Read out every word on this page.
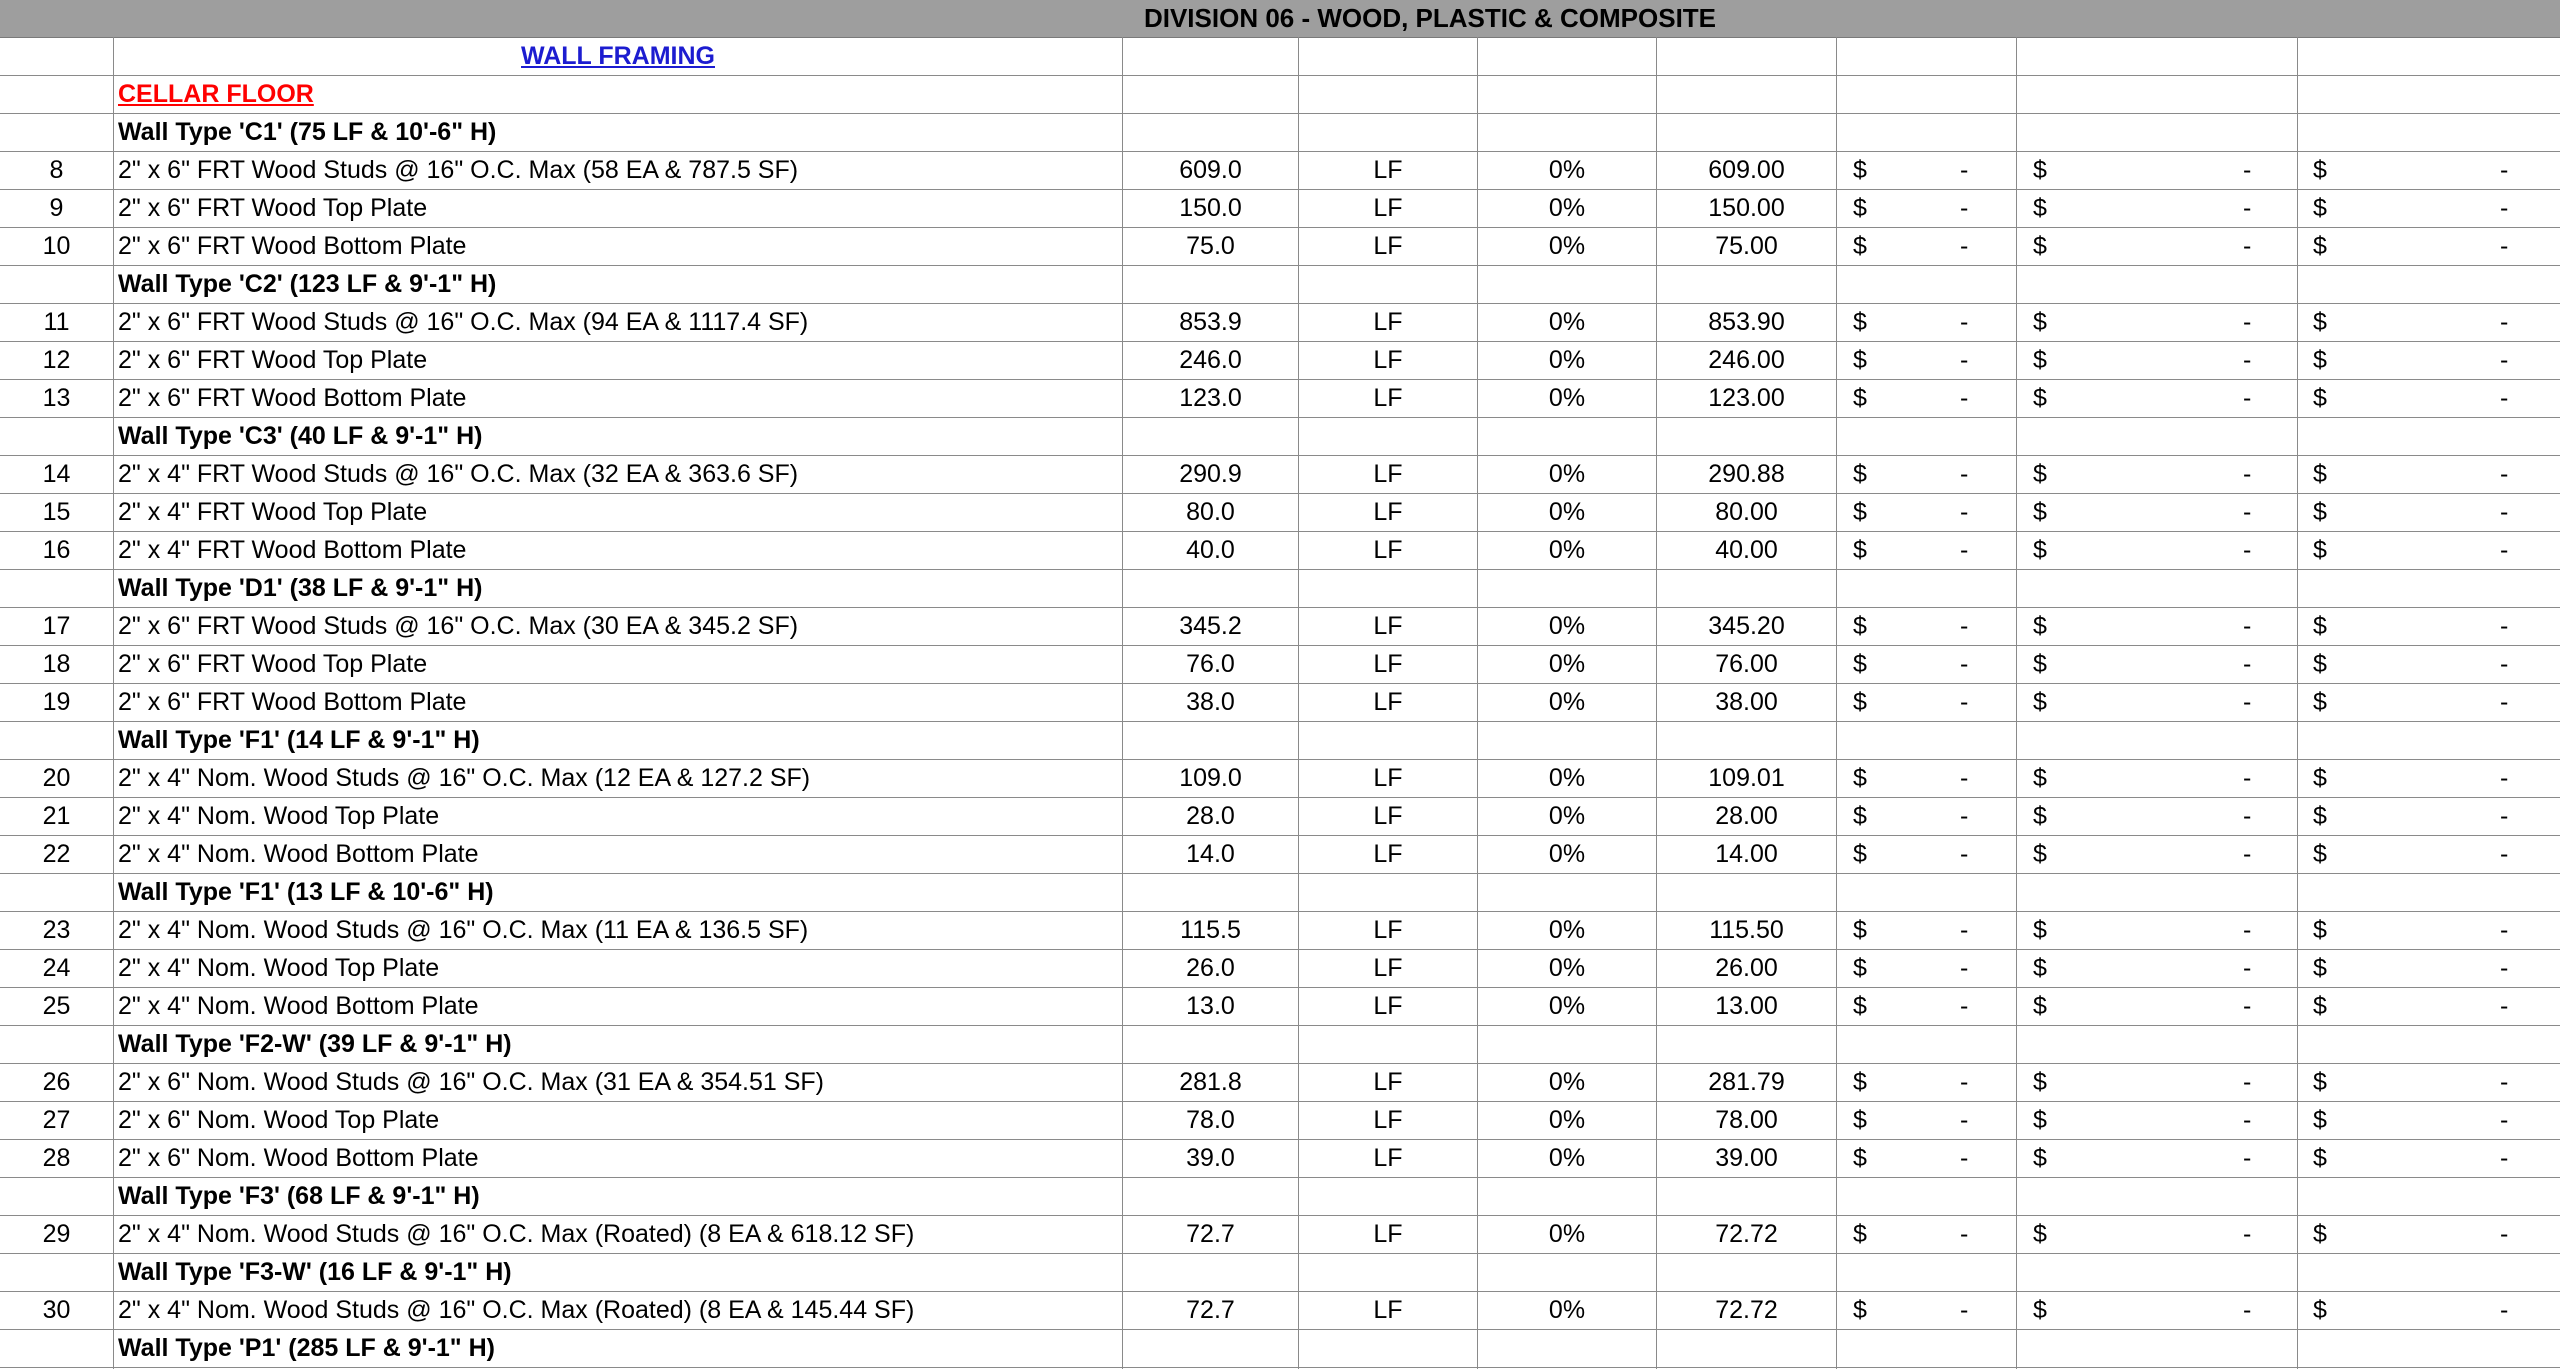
DIVISION 06 - WOOD, PLASTIC & COMPOSITE
WALL FRAMING
CELLAR FLOOR
Wall Type 'C1' (75 LF & 10'-6" H)
8	2" x 6" FRT Wood Studs @ 16" O.C. Max (58 EA & 787.5 SF)	609.0	LF	0%	609.00	$	-	$	-	$	-
9	2" x 6" FRT Wood Top Plate	150.0	LF	0%	150.00	$	-	$	-	$	-
10	2" x 6" FRT Wood Bottom Plate	75.0	LF	0%	75.00	$	-	$	-	$	-
Wall Type 'C2' (123 LF & 9'-1" H)
11	2" x 6" FRT Wood Studs @ 16" O.C. Max (94 EA & 1117.4 SF)	853.9	LF	0%	853.90	$	-	$	-	$	-
12	2" x 6" FRT Wood Top Plate	246.0	LF	0%	246.00	$	-	$	-	$	-
13	2" x 6" FRT Wood Bottom Plate	123.0	LF	0%	123.00	$	-	$	-	$	-
Wall Type 'C3' (40 LF & 9'-1" H)
14	2" x 4" FRT Wood Studs @ 16" O.C. Max (32 EA & 363.6 SF)	290.9	LF	0%	290.88	$	-	$	-	$	-
15	2" x 4" FRT Wood Top Plate	80.0	LF	0%	80.00	$	-	$	-	$	-
16	2" x 4" FRT Wood Bottom Plate	40.0	LF	0%	40.00	$	-	$	-	$	-
Wall Type 'D1' (38 LF & 9'-1" H)
17	2" x 6" FRT Wood Studs @ 16" O.C. Max (30 EA & 345.2 SF)	345.2	LF	0%	345.20	$	-	$	-	$	-
18	2" x 6" FRT Wood Top Plate	76.0	LF	0%	76.00	$	-	$	-	$	-
19	2" x 6" FRT Wood Bottom Plate	38.0	LF	0%	38.00	$	-	$	-	$	-
Wall Type 'F1' (14 LF & 9'-1" H)
20	2" x 4" Nom. Wood Studs @ 16" O.C. Max (12 EA & 127.2 SF)	109.0	LF	0%	109.01	$	-	$	-	$	-
21	2" x 4" Nom. Wood Top Plate	28.0	LF	0%	28.00	$	-	$	-	$	-
22	2" x 4" Nom. Wood Bottom Plate	14.0	LF	0%	14.00	$	-	$	-	$	-
Wall Type 'F1' (13 LF & 10'-6" H)
23	2" x 4" Nom. Wood Studs @ 16" O.C. Max (11 EA & 136.5 SF)	115.5	LF	0%	115.50	$	-	$	-	$	-
24	2" x 4" Nom. Wood Top Plate	26.0	LF	0%	26.00	$	-	$	-	$	-
25	2" x 4" Nom. Wood Bottom Plate	13.0	LF	0%	13.00	$	-	$	-	$	-
Wall Type 'F2-W' (39 LF & 9'-1" H)
26	2" x 6" Nom. Wood Studs @ 16" O.C. Max (31 EA & 354.51 SF)	281.8	LF	0%	281.79	$	-	$	-	$	-
27	2" x 6" Nom. Wood Top Plate	78.0	LF	0%	78.00	$	-	$	-	$	-
28	2" x 6" Nom. Wood Bottom Plate	39.0	LF	0%	39.00	$	-	$	-	$	-
Wall Type 'F3' (68 LF & 9'-1" H)
29	2" x 4" Nom. Wood Studs @ 16" O.C. Max (Roated) (8 EA & 618.12 SF)	72.7	LF	0%	72.72	$	-	$	-	$	-
Wall Type 'F3-W' (16 LF & 9'-1" H)
30	2" x 4" Nom. Wood Studs @ 16" O.C. Max (Roated) (8 EA & 145.44 SF)	72.7	LF	0%	72.72	$	-	$	-	$	-
Wall Type 'P1' (285 LF & 9'-1" H)
